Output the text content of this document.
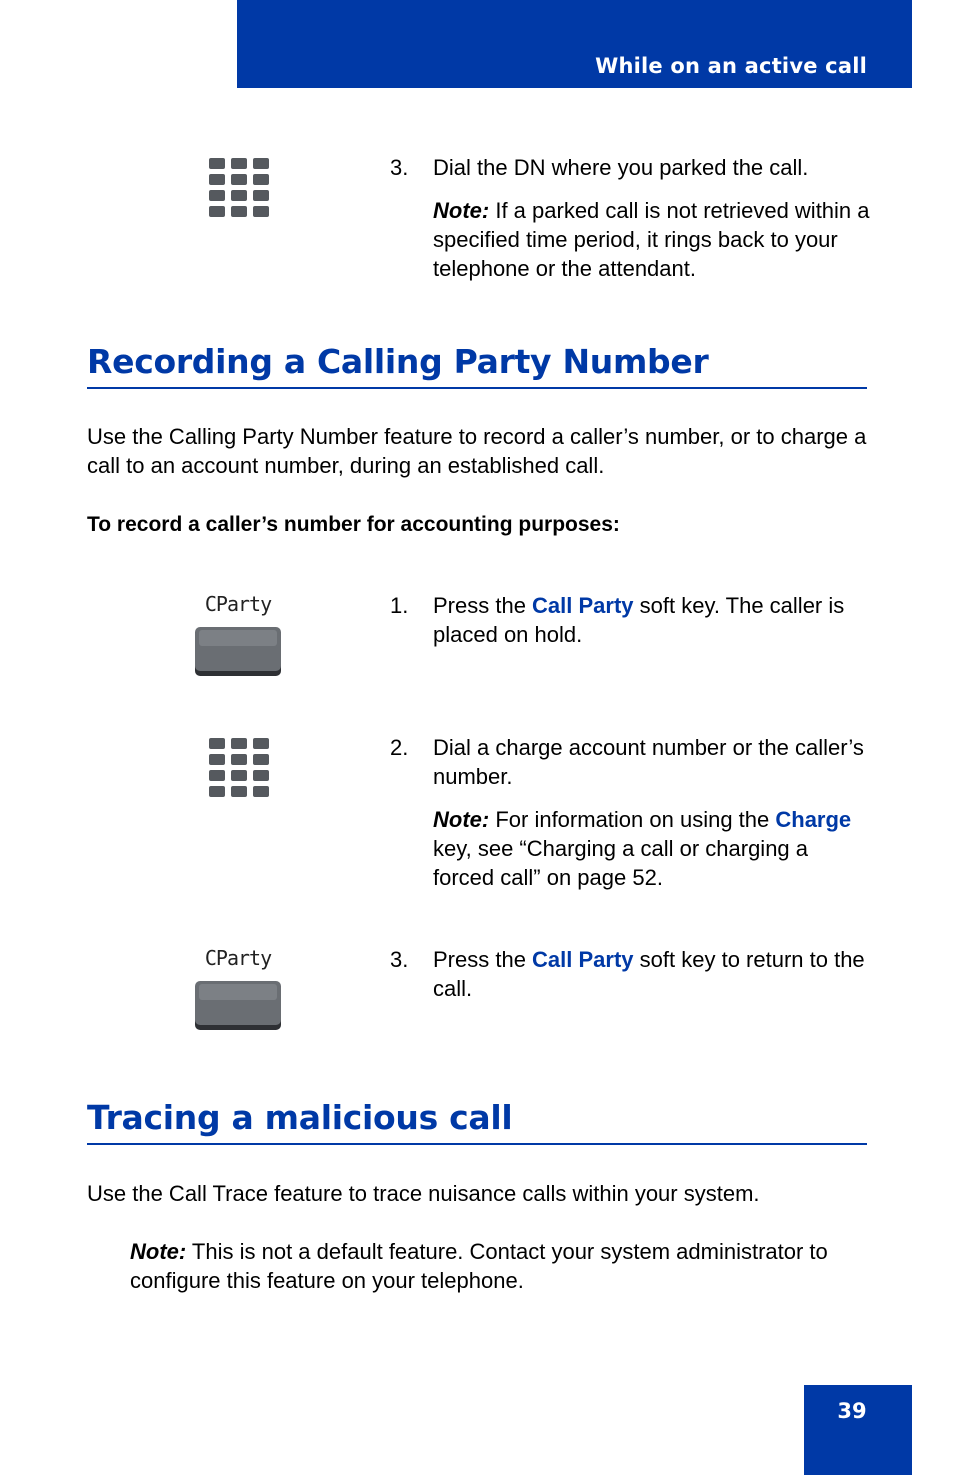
While on an active call
3. Dial the DN where you parked the call.
Note: If a parked call is not retrieved within a specified time period, it rings back to your telephone or the attendant.
Recording a Calling Party Number
Use the Calling Party Number feature to record a caller’s number, or to charge a call to an account number, during an established call.
To record a caller’s number for accounting purposes:
CParty	1. Press the Call Party soft key. The caller is placed on hold.
2. Dial a charge account number or the caller’s number.
Note: For information on using the Charge key, see “Charging a call or charging a forced call” on page 52.
CParty	3. Press the Call Party soft key to return to the call.
Tracing a malicious call
Use the Call Trace feature to trace nuisance calls within your system.
Note: This is not a default feature. Contact your system administrator to configure this feature on your telephone.
39
